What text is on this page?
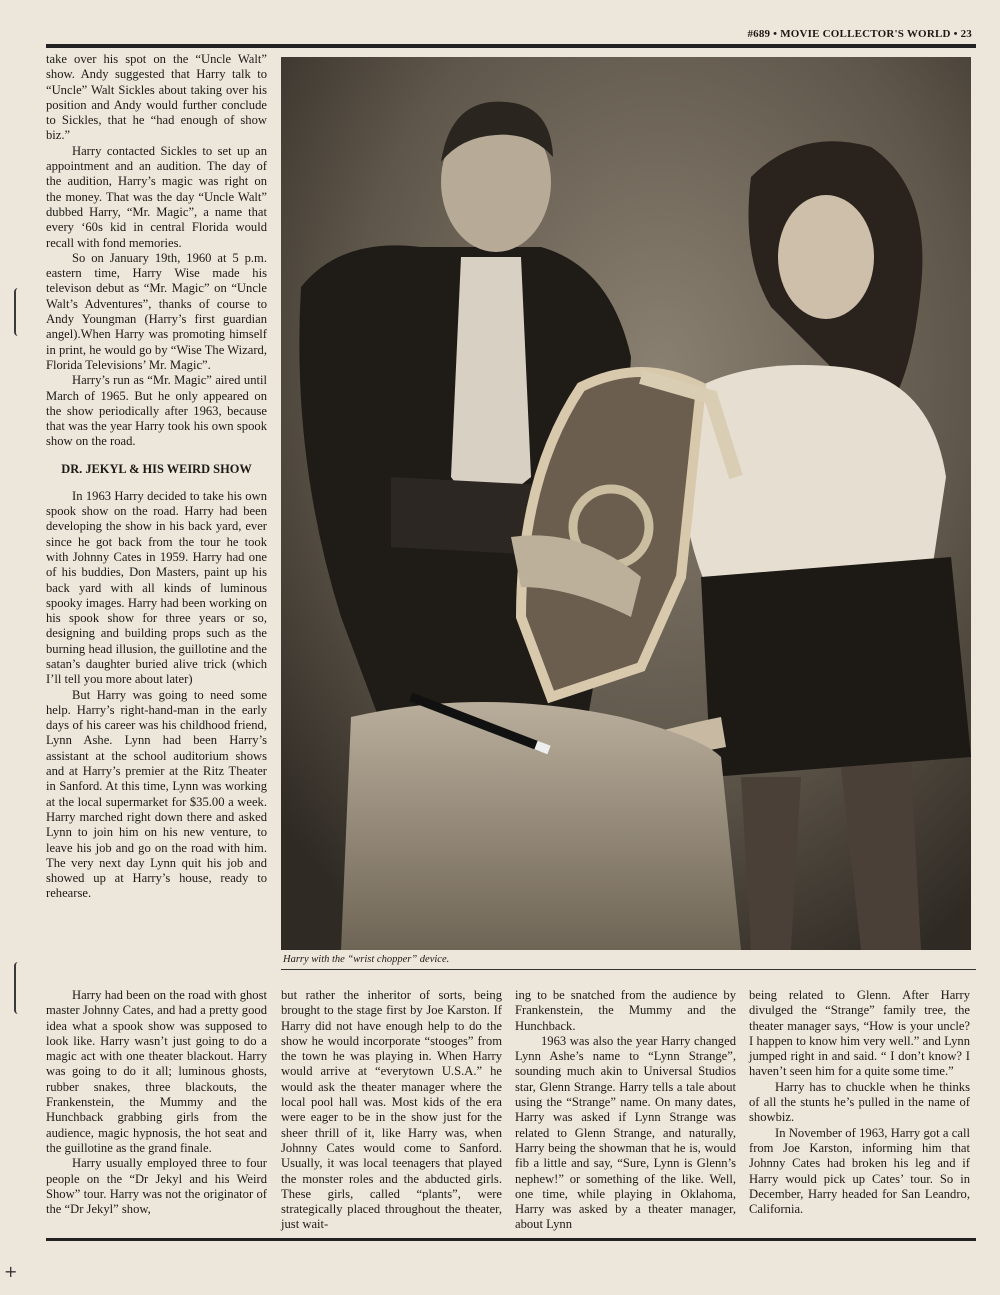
#689 • MOVIE COLLECTOR'S WORLD • 23

take over his spot on the “Uncle Walt” show. Andy suggested that Harry talk to “Uncle” Walt Sickles about taking over his position and Andy would further conclude to Sickles, that he “had enough of show biz.”

Harry contacted Sickles to set up an appointment and an audition. The day of the audition, Harry’s magic was right on the money. That was the day “Uncle Walt” dubbed Harry, “Mr. Magic”, a name that every ‘60s kid in central Florida would recall with fond memories.

So on January 19th, 1960 at 5 p.m. eastern time, Harry Wise made his televison debut as “Mr. Magic” on “Uncle Walt’s Adventures”, thanks of course to Andy Youngman (Harry’s first guardian angel).When Harry was promoting himself in print, he would go by “Wise The Wizard, Florida Televisions’ Mr. Magic”.

Harry’s run as “Mr. Magic” aired until March of 1965. But he only appeared on the show periodically after 1963, because that was the year Harry took his own spook show on the road.

DR. JEKYL & HIS WEIRD SHOW

In 1963 Harry decided to take his own spook show on the road. Harry had been developing the show in his back yard, ever since he got back from the tour he took with Johnny Cates in 1959. Harry had one of his buddies, Don Masters, paint up his back yard with all kinds of luminous spooky images. Harry had been working on his spook show for three years or so, designing and building props such as the burning head illusion, the guillotine and the satan’s daughter buried alive trick (which I’ll tell you more about later)

But Harry was going to need some help. Harry’s right-hand-man in the early days of his career was his childhood friend, Lynn Ashe. Lynn had been Harry’s assistant at the school auditorium shows and at Harry’s premier at the Ritz Theater in Sanford. At this time, Lynn was working at the local supermarket for $35.00 a week. Harry marched right down there and asked Lynn to join him on his new venture, to leave his job and go on the road with him. The very next day Lynn quit his job and showed up at Harry’s house, ready to rehearse.

Harry with the “wrist chopper” device.

Harry had been on the road with ghost master Johnny Cates, and had a pretty good idea what a spook show was supposed to look like. Harry wasn’t just going to do a magic act with one theater blackout. Harry was going to do it all; luminous ghosts, rubber snakes, three blackouts, the Frankenstein, the Mummy and the Hunchback grabbing girls from the audience, magic hypnosis, the hot seat and the guillotine as the grand finale.

Harry usually employed three to four people on the “Dr Jekyl and his Weird Show” tour. Harry was not the originator of the “Dr Jekyl” show,

but rather the inheritor of sorts, being brought to the stage first by Joe Karston. If Harry did not have enough help to do the show he would incorporate “stooges” from the town he was playing in. When Harry would arrive at “everytown U.S.A.” he would ask the theater manager where the local pool hall was. Most kids of the era were eager to be in the show just for the sheer thrill of it, like Harry was, when Johnny Cates would come to Sanford. Usually, it was local teenagers that played the monster roles and the abducted girls. These girls, called “plants”, were strategically placed throughout the theater, just wait-

ing to be snatched from the audience by Frankenstein, the Mummy and the Hunchback.

1963 was also the year Harry changed Lynn Ashe’s name to “Lynn Strange”, sounding much akin to Universal Studios star, Glenn Strange. Harry tells a tale about using the “Strange” name. On many dates, Harry was asked if Lynn Strange was related to Glenn Strange, and naturally, Harry being the showman that he is, would fib a little and say, “Sure, Lynn is Glenn’s nephew!” or something of the like. Well, one time, while playing in Oklahoma, Harry was asked by a theater manager, about Lynn

being related to Glenn. After Harry divulged the “Strange” family tree, the theater manager says, “How is your uncle? I happen to know him very well.” and Lynn jumped right in and said. “ I don’t know? I haven’t seen him for a quite some time.”

Harry has to chuckle when he thinks of all the stunts he’s pulled in the name of showbiz.

In November of 1963, Harry got a call from Joe Karston, informing him that Johnny Cates had broken his leg and if Harry would pick up Cates’ tour. So in December, Harry headed for San Leandro, California.

+
